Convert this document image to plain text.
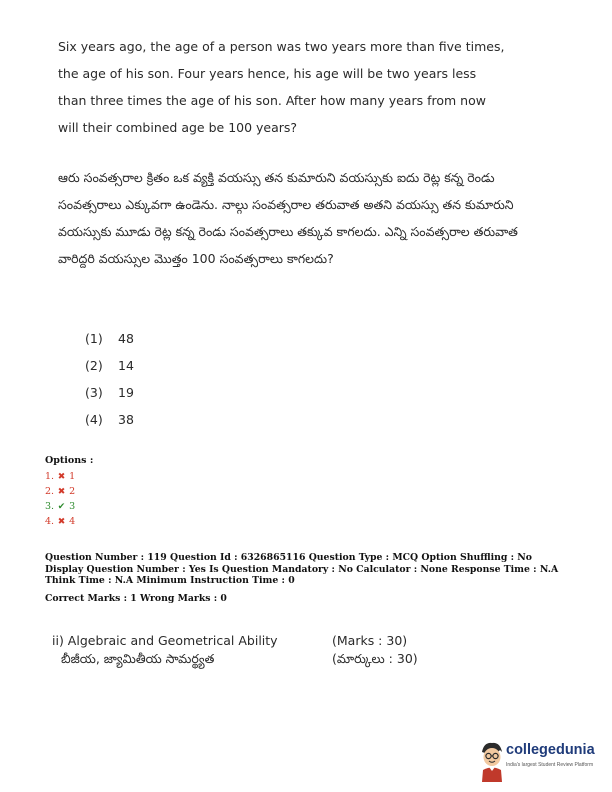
Six years ago, the age of a person was two years more than five times, the age of his son. Four years hence, his age will be two years less than three times the age of his son. After how many years from now will their combined age be 100 years?
ఆరు సంవత్సరాల క్రితం ఒక వ్యక్తి వయస్సు తన కుమారుని వయస్సుకు ఐదు రెట్ల కన్న రెండు సంవత్సరాలు ఎక్కువగా ఉండెను. నాల్గు సంవత్సరాల తరువాత అతని వయస్సు తన కుమారుని వయస్సుకు మూడు రెట్ల కన్న రెండు సంవత్సరాలు తక్కువ కాగలదు. ఎన్ని సంవత్సరాల తరువాత వారిద్దరి వయస్సుల మొత్తం 100 సంవత్సరాలు కాగలదు?
(1)	48
(2)	14
(3)	19
(4)	38
Options :
1. ✖ 1
2. ✖ 2
3. ✔ 3
4. ✖ 4
Question Number : 119 Question Id : 6326865116 Question Type : MCQ Option Shuffling : No Display Question Number : Yes Is Question Mandatory : No Calculator : None Response Time : N.A Think Time : N.A Minimum Instruction Time : 0
Correct Marks : 1 Wrong Marks : 0
ii) Algebraic and Geometrical Ability	(Marks : 30)
బీజీయ, జ్యామితీయ సామర్థ్యత	(మార్కులు : 30)
collegedunia
India's largest Student Review Platform
